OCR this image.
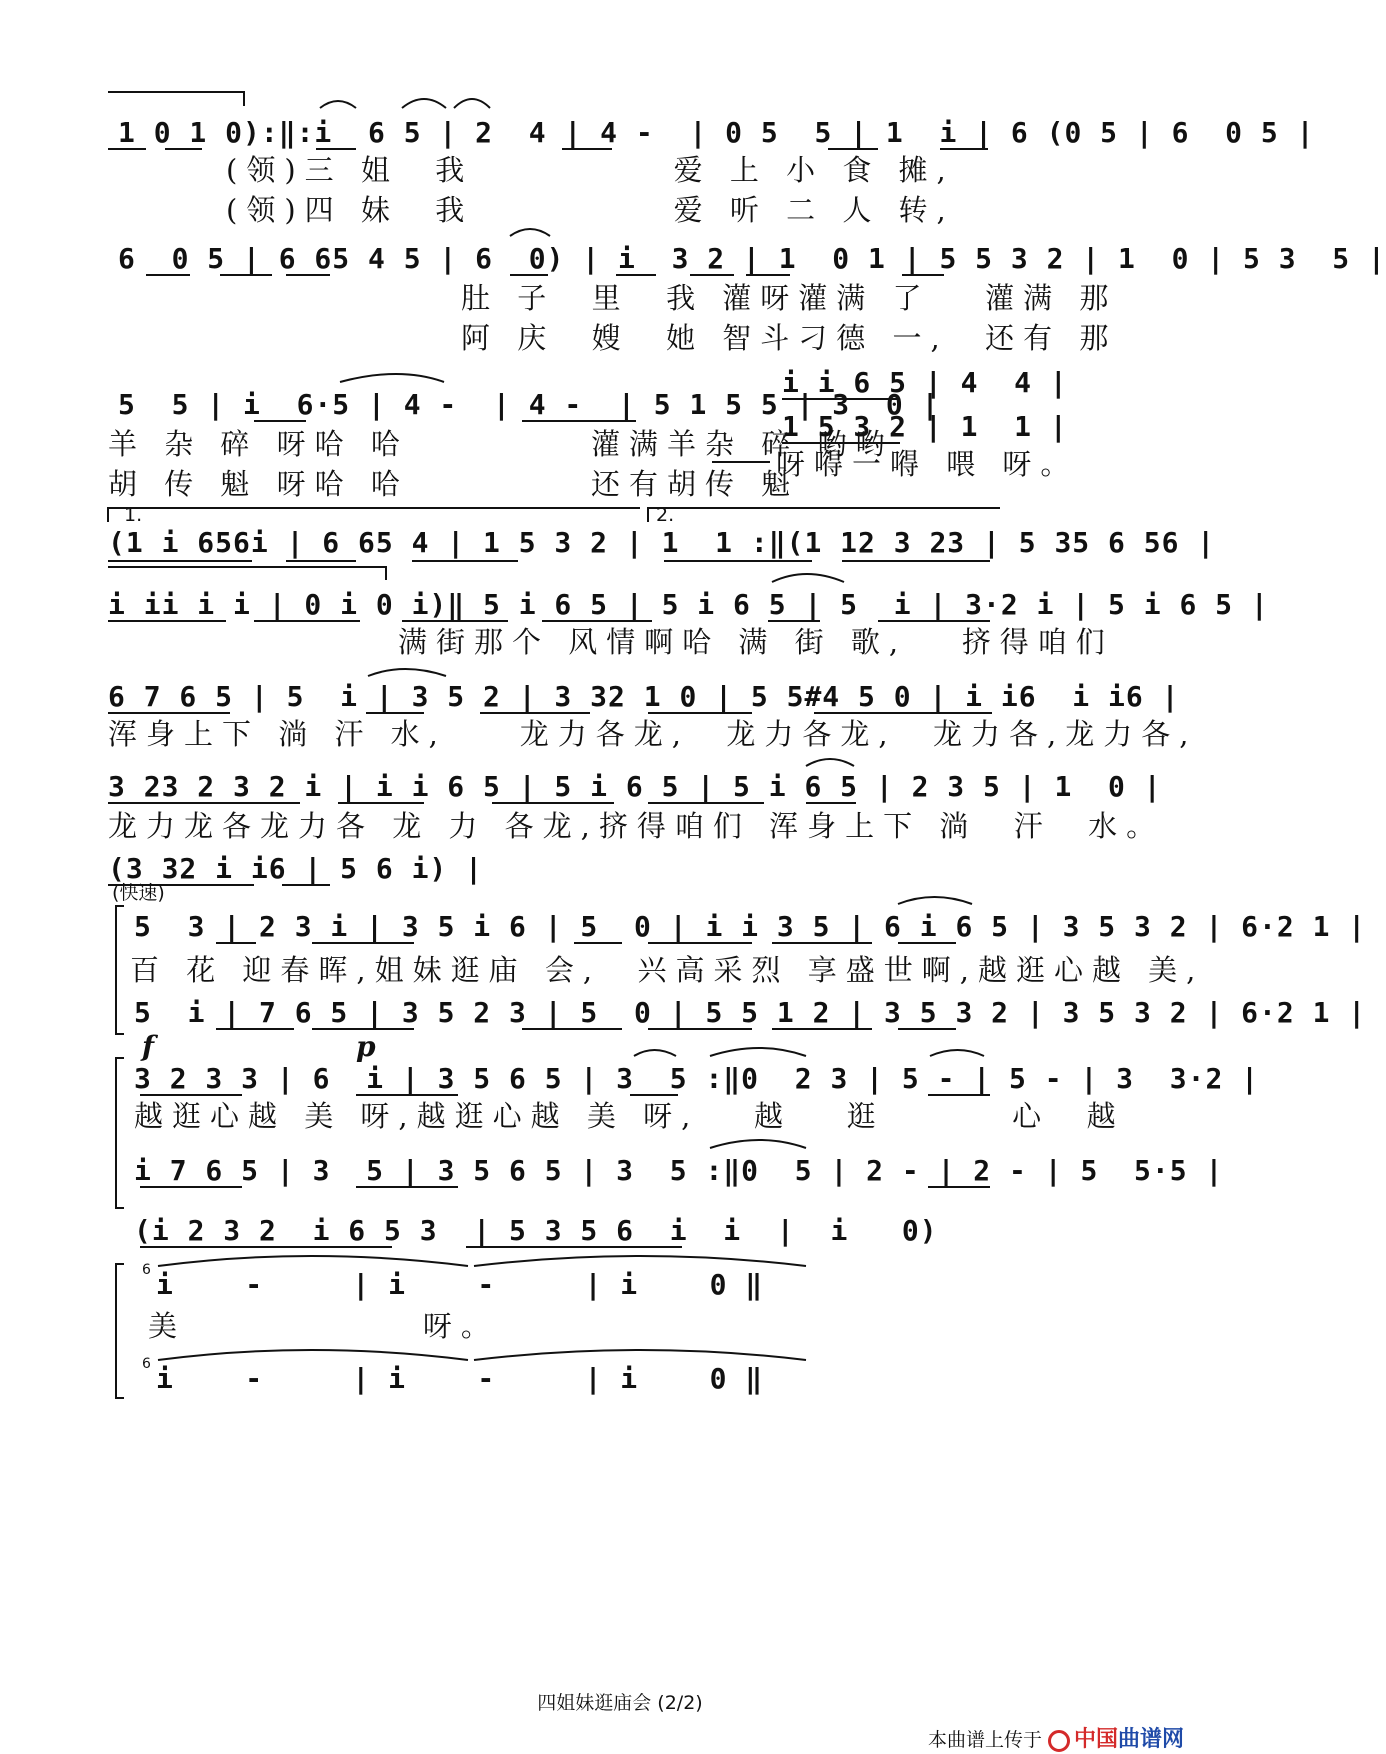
1 0 1 0):‖:i  6 5 | 2  4 | 4 -  | 0 5  5 | 1  i | 6 (0 5 | 6  0 5 |
(领)三 姐  我           爱 上 小 食 摊,
(领)四 妹  我           爱 听 二 人 转,
6  0 5 | 6 65 4 5 | 6  0) | i  3 2 | 1  0 1 | 5 5 3 2 | 1  0 | 5 3  5 |
肚 子  里  我 灌呀灌满 了   灌满 那
阿 庆  嫂  她 智斗刁德 一,  还有 那
5  5 | i  6·5 | 4 -  | 4 -  | 5 1 5 5 | 3  0 |
羊 杂 碎 呀哈 哈          灌满羊杂 碎 哟哟
胡 传 魁 呀哈 哈          还有胡传 魁
i i 6 5 | 4  4 |
1 5 3 2 | 1  1 |
呀嘚一嘚 喂 呀。
1.	2.
(1 i 656i | 6 65 4 | 1 5 3 2 | 1  1 :‖(1 12 3 23 | 5 35 6 56 |
i ii i i | 0 i 0 i)‖ 5 i 6 5 | 5 i 6 5 | 5  i | 3·2 i | 5 i 6 5 |
满街那个 风情啊哈 满 街 歌,   挤得咱们
6 7 6 5 | 5  i | 3 5 2 | 3 32 1 0 | 5 5#4 5 0 | i i6  i i6 |
浑身上下 淌 汗 水,    龙力各龙,  龙力各龙,  龙力各,龙力各,
3 23 2 3 2 i | i i 6 5 | 5 i 6 5 | 5 i 6 5 | 2 3 5 | 1  0 |
龙力龙各龙力各 龙 力 各龙,挤得咱们 浑身上下 淌  汗  水。
(3 32 i i6 | 5 6 i) |
(快速)
5  3 | 2 3 i | 3 5 i 6 | 5  0 | i i 3 5 | 6 i 6 5 | 3 5 3 2 | 6·2 1 |
百 花 迎春晖,姐妹逛庙 会,  兴高采烈 享盛世啊,越逛心越 美,
5  i | 7 6 5 | 3 5 2 3 | 5  0 | 5 5 1 2 | 3 5 3 2 | 3 5 3 2 | 6·2 1 |
f	p
3 2 3 3 | 6  i | 3 5 6 5 | 3  5 :‖0  2 3 | 5 - | 5 - | 3  3·2 |
越逛心越 美 呀,越逛心越 美 呀,   越   逛       心  越
i 7 6 5 | 3  5 | 3 5 6 5 | 3  5 :‖0  5 | 2 - | 2 - | 5  5·5 |
(i 2 3 2  i 6 5 3  | 5 3 5 6  i  i  |  i   0)
6 i    -     | i    -     | i    0 ‖
美             呀。
6 i    -     | i    -     | i    0 ‖
四姐妹逛庙会 (2/2)
本曲谱上传于 中国曲谱网
